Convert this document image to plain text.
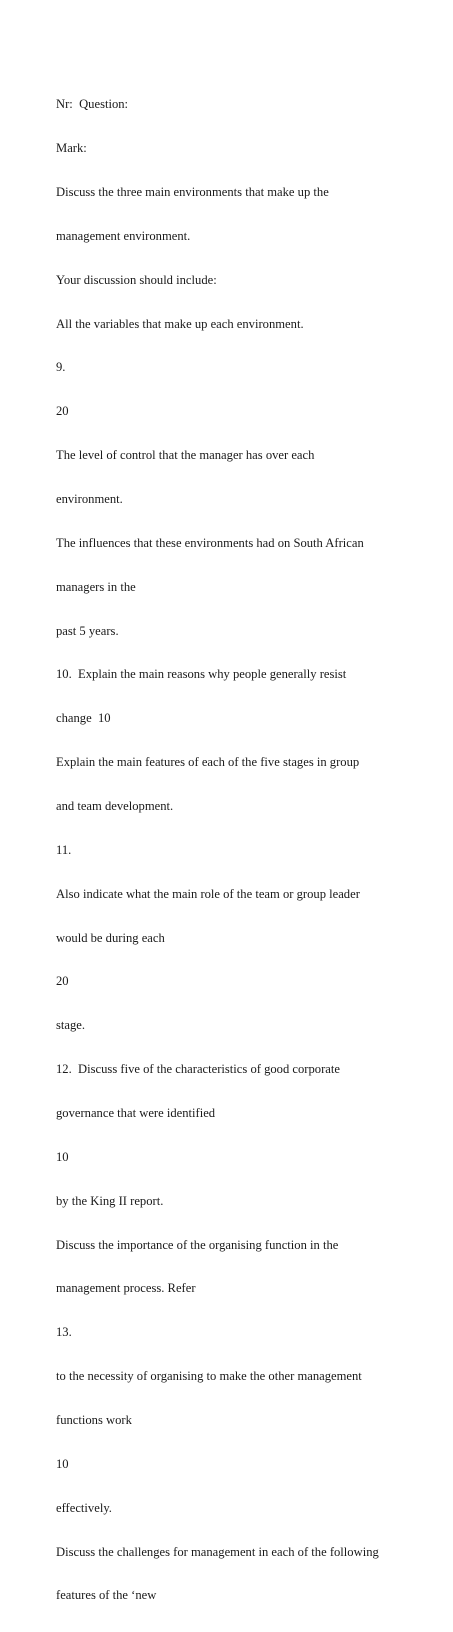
Nr:  Question:

Mark:

Discuss the three main environments that make up the

management environment.

Your discussion should include:

All the variables that make up each environment.

9.

20

The level of control that the manager has over each

environment.

The influences that these environments had on South African

managers in the

past 5 years.

10.  Explain the main reasons why people generally resist

change  10

Explain the main features of each of the five stages in group

and team development.

11.

Also indicate what the main role of the team or group leader

would be during each

20

stage.

12.  Discuss five of the characteristics of good corporate

governance that were identified

10

by the King II report.

Discuss the importance of the organising function in the

management process. Refer

13.

to the necessity of organising to make the other management

functions work

10

effectively.

Discuss the challenges for management in each of the following

features of the ‘new
